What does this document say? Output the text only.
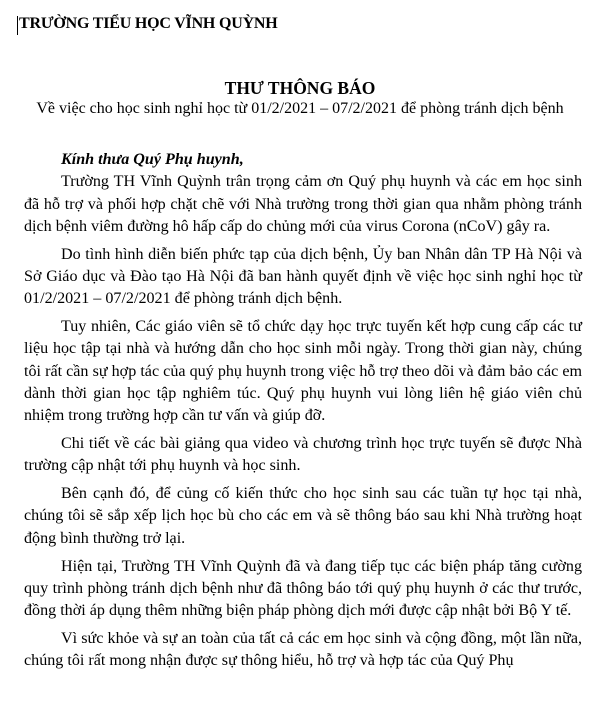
TRƯỜNG TIỂU HỌC VĨNH QUỲNH
THƯ THÔNG BÁO
Về việc cho học sinh nghỉ học từ 01/2/2021 – 07/2/2021 để phòng tránh dịch bệnh

Kính thưa Quý Phụ huynh,

Trường TH Vĩnh Quỳnh trân trọng cảm ơn Quý phụ huynh và các em học sinh đã hỗ trợ và phối hợp chặt chẽ với Nhà trường trong thời gian qua nhằm phòng tránh dịch bệnh viêm đường hô hấp cấp do chủng mới của virus Corona (nCoV) gây ra.

Do tình hình diễn biến phức tạp của dịch bệnh, Ủy ban Nhân dân TP Hà Nội và Sở Giáo dục và Đào tạo Hà Nội đã ban hành quyết định về việc học sinh nghỉ học từ 01/2/2021 – 07/2/2021 để phòng tránh dịch bệnh.

Tuy nhiên, Các giáo viên sẽ tổ chức dạy học trực tuyến kết hợp cung cấp các tư liệu học tập tại nhà và hướng dẫn cho học sinh mỗi ngày. Trong thời gian này, chúng tôi rất cần sự hợp tác của quý phụ huynh trong việc hỗ trợ theo dõi và đảm bảo các em dành thời gian học tập nghiêm túc. Quý phụ huynh vui lòng liên hệ giáo viên chủ nhiệm trong trường hợp cần tư vấn và giúp đỡ.

Chi tiết về các bài giảng qua video và chương trình học trực tuyến sẽ được Nhà trường cập nhật tới phụ huynh và học sinh.

Bên cạnh đó, để củng cố kiến thức cho học sinh sau các tuần tự học tại nhà, chúng tôi sẽ sắp xếp lịch học bù cho các em và sẽ thông báo sau khi Nhà trường hoạt động bình thường trở lại.

Hiện tại, Trường TH Vĩnh Quỳnh đã và đang tiếp tục các biện pháp tăng cường quy trình phòng tránh dịch bệnh như đã thông báo tới quý phụ huynh ở các thư trước, đồng thời áp dụng thêm những biện pháp phòng dịch mới được cập nhật bởi Bộ Y tế.

Vì sức khỏe và sự an toàn của tất cả các em học sinh và cộng đồng, một lần nữa, chúng tôi rất mong nhận được sự thông hiểu, hỗ trợ và hợp tác của Quý Phụ
